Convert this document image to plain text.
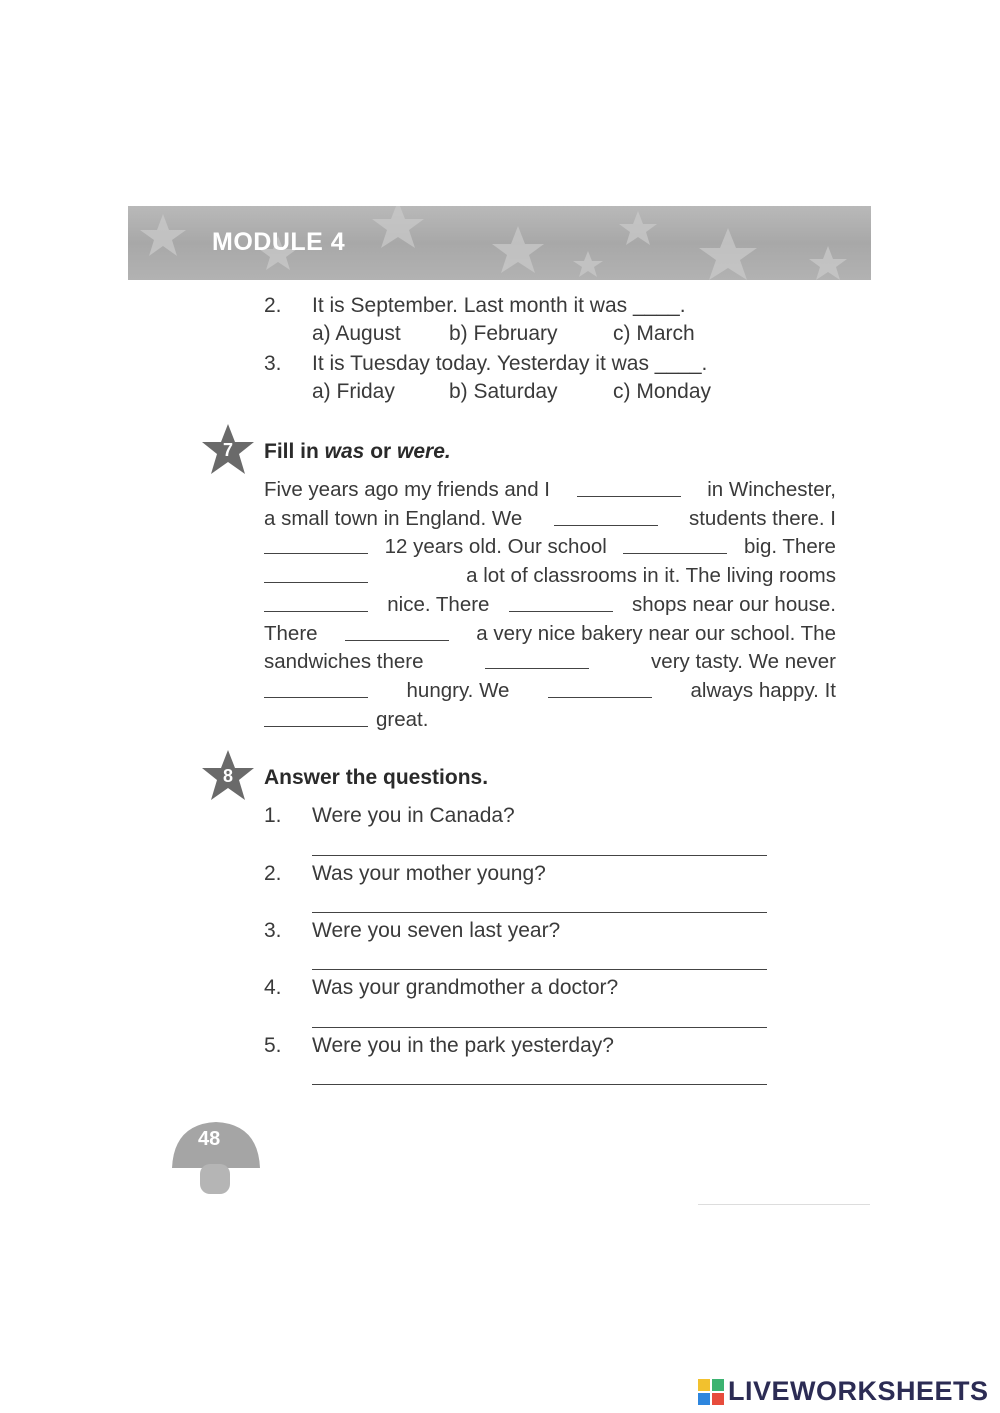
MODULE 4
2.	It is September. Last month it was ____.
a) August b) February	c) March
3.	It is Tuesday today. Yesterday it was ____.
a) Friday	b) Saturday	c) Monday
7	Fill in was or were.
Five years ago my friends and I	in Winchester,
a small town in England. We	students there. I
12 years old. Our school	big. There
a lot of classrooms in it. The living rooms
nice. There	shops near our house.
There	a very nice bakery near our school. The
sandwiches there	very tasty. We never
hungry. We	always happy. It
great.
8	Answer the questions.
1.	Were you in Canada?
2.	Was your mother young?
3.	Were you seven last year?
4.	Was your grandmother a doctor?
5.	Were you in the park yesterday?
48
LIVEWORKSHEETS
